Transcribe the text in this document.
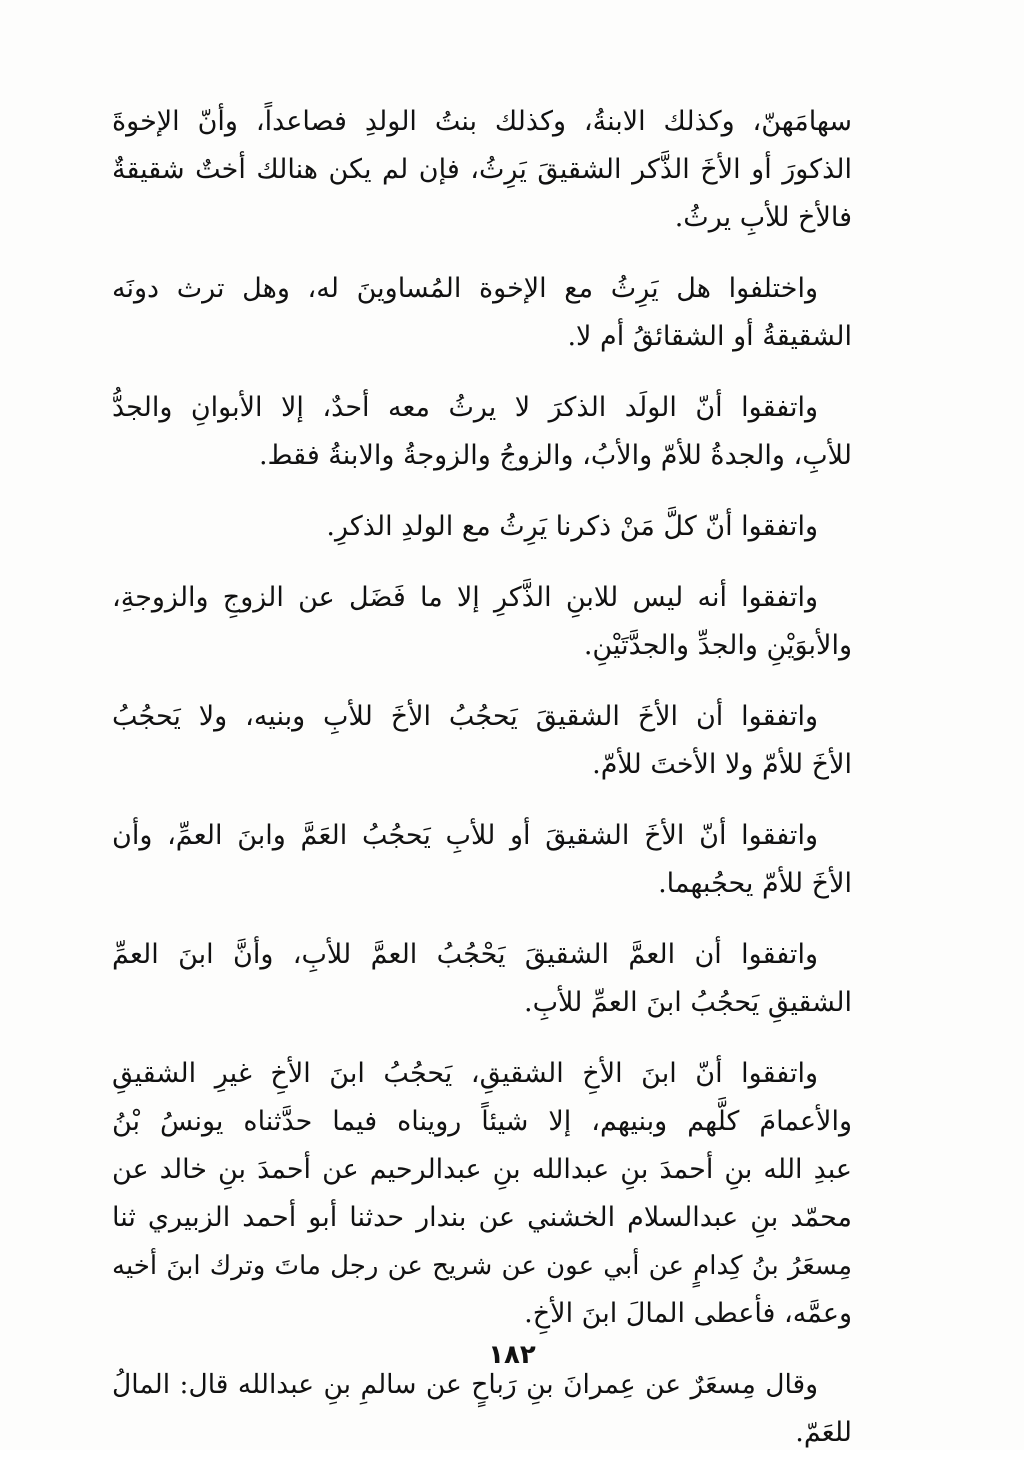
سهامَهنّ، وكذلك الابنةُ، وكذلك بنتُ الولدِ فصاعداً، وأنّ الإخوةَ
الذكورَ أو الأخَ الذَّكر الشقيقَ يَرِثُ، فإن لم يكن هنالك أختٌ شقيقةٌ
فالأخ للأبِ يرثُ.

واختلفوا هل يَرِثُ مع الإخوة المُساوينَ له، وهل ترث دونَه
الشقيقةُ أو الشقائقُ أم لا.

واتفقوا أنّ الولَد الذكرَ لا يرثُ معه أحدٌ، إلا الأبوانِ والجدُّ
للأبِ، والجدةُ للأمّ والأبُ، والزوجُ والزوجةُ والابنةُ فقط.

واتفقوا أنّ كلَّ مَنْ ذكرنا يَرِثُ مع الولدِ الذكرِ.

واتفقوا أنه ليس للابنِ الذَّكرِ إلا ما فَضَل عن الزوجِ والزوجةِ،
والأبوَيْنِ والجدِّ والجدَّتَيْنِ.

واتفقوا أن الأخَ الشقيقَ يَحجُبُ الأخَ للأبِ وبنيه، ولا يَحجُبُ
الأخَ للأمّ ولا الأختَ للأمّ.

واتفقوا أنّ الأخَ الشقيقَ أو للأبِ يَحجُبُ العَمَّ وابنَ العمِّ، وأن
الأخَ للأمّ يحجُبهما.

واتفقوا أن العمَّ الشقيقَ يَحْجُبُ العمَّ للأبِ، وأنَّ ابنَ العمِّ
الشقيقِ يَحجُبُ ابنَ العمِّ للأبِ.

واتفقوا أنّ ابنَ الأخِ الشقيقِ، يَحجُبُ ابنَ الأخِ غيرِ الشقيقِ
والأعمامَ كلَّهم وبنيهم، إلا شيئاً رويناه فيما حدَّثناه يونسُ بْنُ
عبدِ الله بنِ أحمدَ بنِ عبدالله بنِ عبدالرحيم عن أحمدَ بنِ خالد عن
محمّد بنِ عبدالسلام الخشني عن بندار حدثنا أبو أحمد الزبيري ثنا
مِسعَرُ بنُ كِدامٍ عن أبي عون عن شريح عن رجل ماتَ وترك ابنَ أخيه
وعمَّه، فأعطى المالَ ابنَ الأخِ.

وقال مِسعَرٌ عن عِمرانَ بنِ رَباحٍ عن سالمِ بنِ عبدالله قال: المالُ
للعَمّ.

١٨٢
